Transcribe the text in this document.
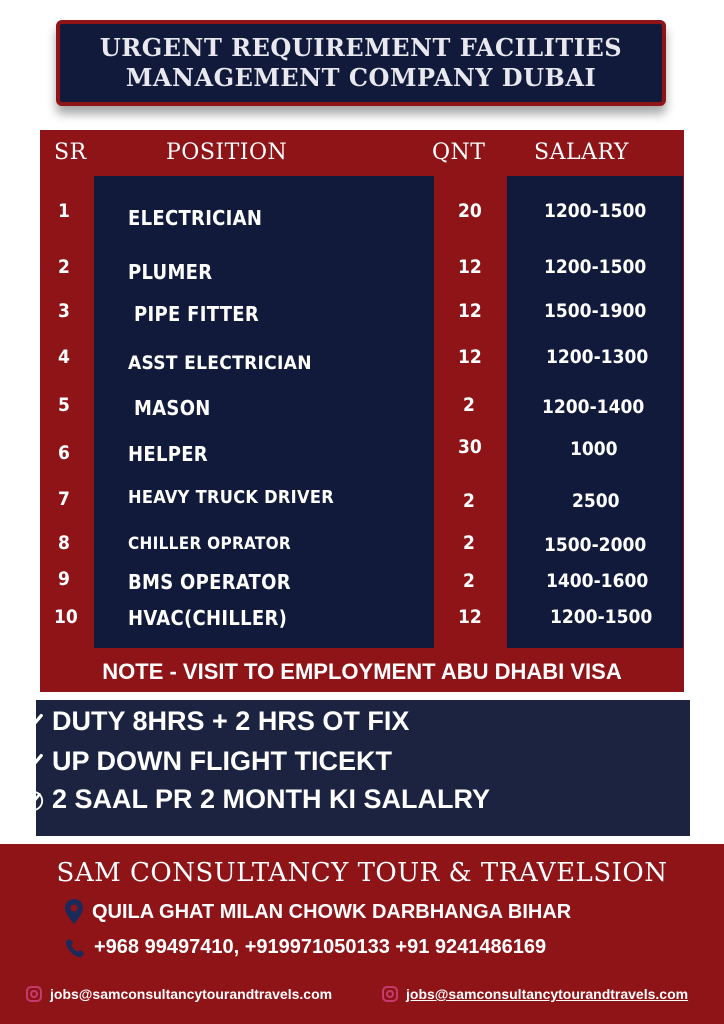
URGENT REQUIREMENT FACILITIES
MANAGEMENT COMPANY DUBAI
SR	POSITION	QNT SALARY
1	ELECTRICIAN	20	1200-1500
2	PLUMER	12	1200-1500
3	PIPE FITTER	12	1500-1900
4	ASST ELECTRICIAN	12	1200-1300
5	MASON	2	1200-1400
6	HELPER	30	1000
7	HEAVY TRUCK DRIVER	2	2500
8	CHILLER OPRATOR	2	1500-2000
9	BMS OPERATOR	2	1400-1600
10	HVAC(CHILLER)	12	1200-1500
NOTE - VISIT TO EMPLOYMENT ABU DHABI VISA
DUTY 8HRS + 2 HRS OT FIX
UP DOWN FLIGHT TICEKT
2 SAAL PR 2 MONTH KI SALALRY
SAM CONSULTANCY TOUR & TRAVELSION
QUILA GHAT MILAN CHOWK DARBHANGA BIHAR
+968 99497410, +919971050133 +91 9241486169
jobs@samconsultancytourandtravels.com	jobs@samconsultancytourandtravels.com
